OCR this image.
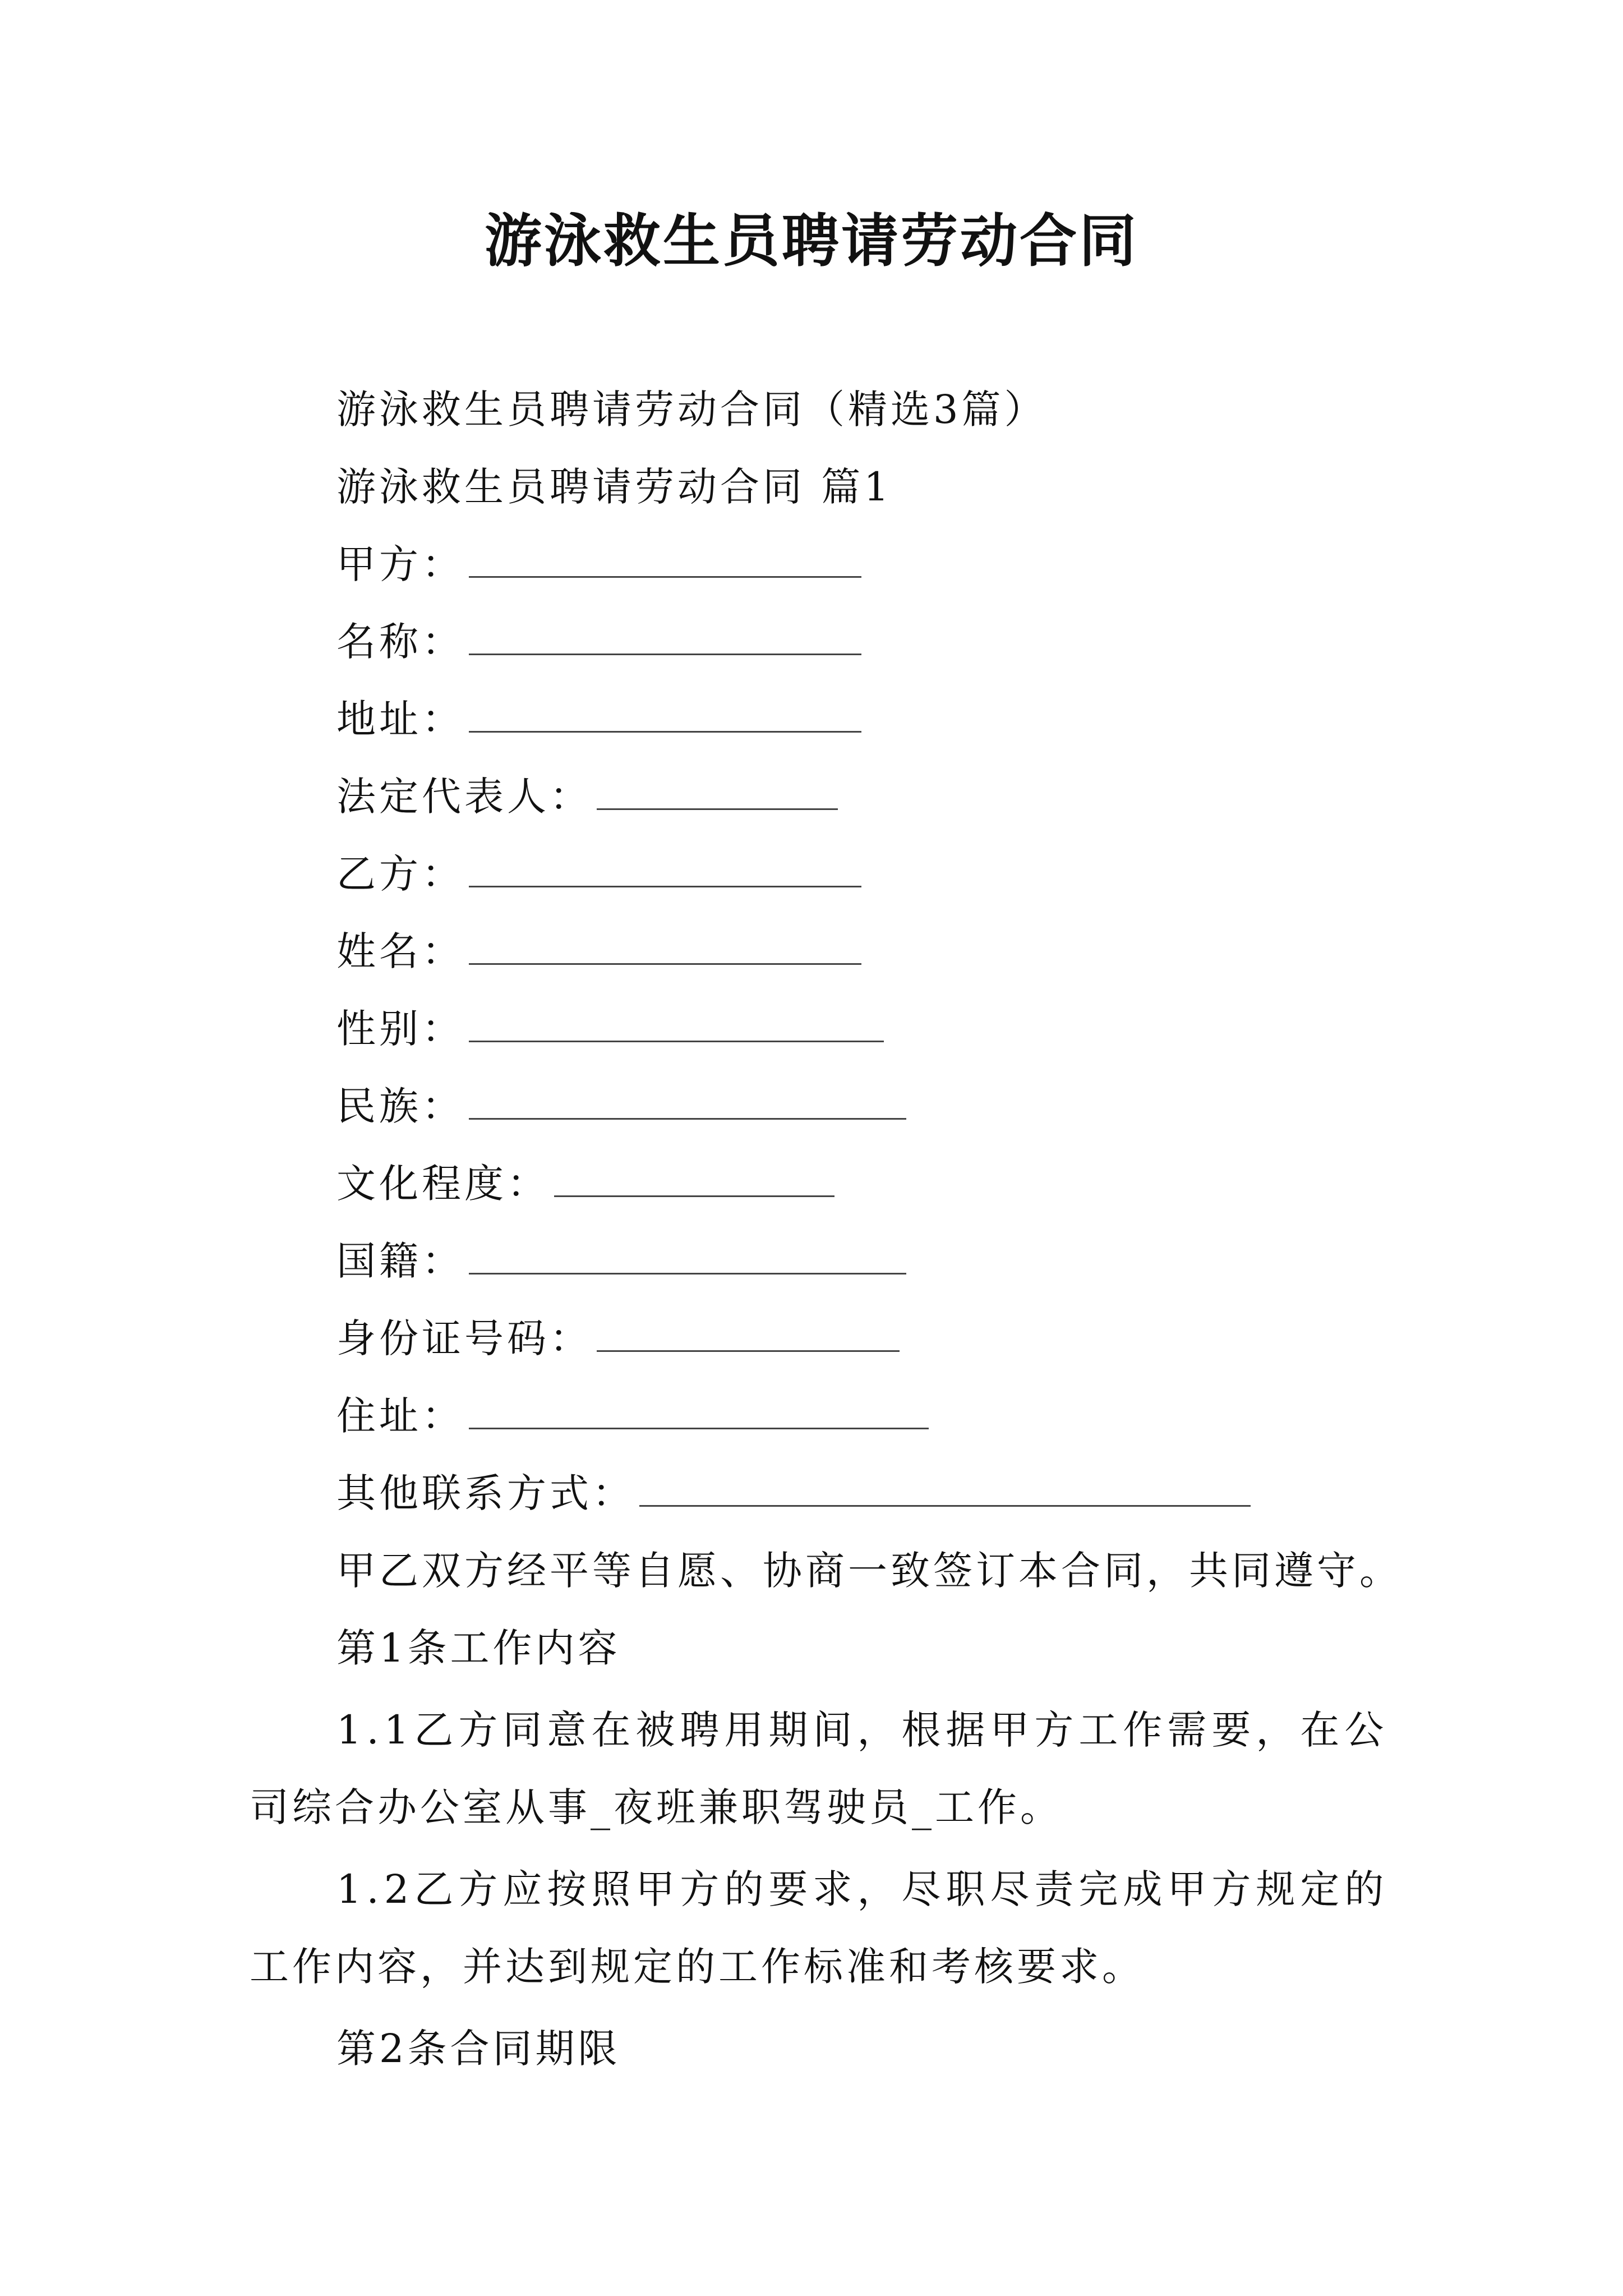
游泳救生员聘请劳动合同
游泳救生员聘请劳动合同（精选3篇）
游泳救生员聘请劳动合同 篇1
甲方：
名称：
地址：
法定代表人：
乙方：
姓名：
性别：
民族：
文化程度：
国籍：
身份证号码：
住址：
其他联系方式：
甲乙双方经平等自愿、协商一致签订本合同，共同遵守。
第1条工作内容
1.1乙方同意在被聘用期间，根据甲方工作需要，在公
司综合办公室从事_夜班兼职驾驶员_工作。
1.2乙方应按照甲方的要求，尽职尽责完成甲方规定的
工作内容，并达到规定的工作标准和考核要求。
第2条合同期限
